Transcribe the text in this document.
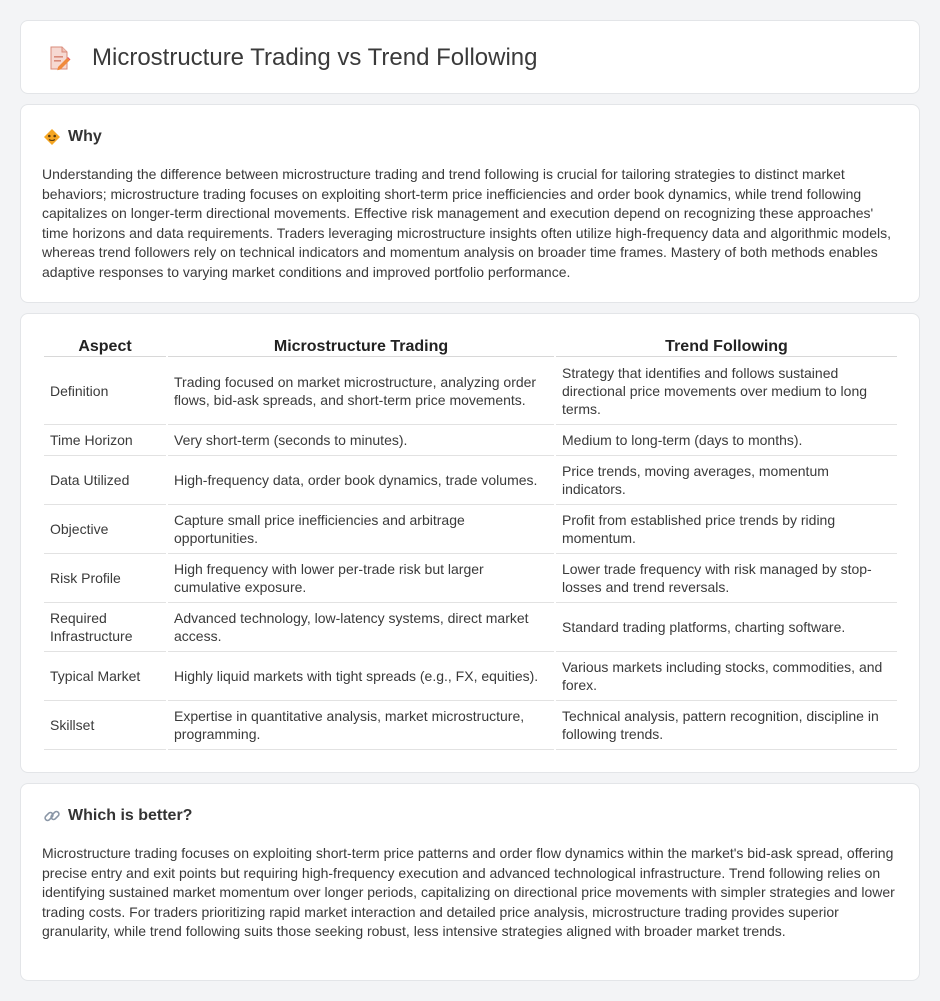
Microstructure Trading vs Trend Following
Why

Understanding the difference between microstructure trading and trend following is crucial for tailoring strategies to distinct market behaviors; microstructure trading focuses on exploiting short-term price inefficiencies and order book dynamics, while trend following capitalizes on longer-term directional movements. Effective risk management and execution depend on recognizing these approaches' time horizons and data requirements. Traders leveraging microstructure insights often utilize high-frequency data and algorithmic models, whereas trend followers rely on technical indicators and momentum analysis on broader time frames. Mastery of both methods enables adaptive responses to varying market conditions and improved portfolio performance.

Aspect	Microstructure Trading	Trend Following
Definition	Trading focused on market microstructure, analyzing order flows, bid-ask spreads, and short-term price movements.	Strategy that identifies and follows sustained directional price movements over medium to long terms.
Time Horizon	Very short-term (seconds to minutes).	Medium to long-term (days to months).
Data Utilized	High-frequency data, order book dynamics, trade volumes.	Price trends, moving averages, momentum indicators.
Objective	Capture small price inefficiencies and arbitrage opportunities.	Profit from established price trends by riding momentum.
Risk Profile	High frequency with lower per-trade risk but larger cumulative exposure.	Lower trade frequency with risk managed by stop-losses and trend reversals.
Required Infrastructure	Advanced technology, low-latency systems, direct market access.	Standard trading platforms, charting software.
Typical Market	Highly liquid markets with tight spreads (e.g., FX, equities).	Various markets including stocks, commodities, and forex.
Skillset	Expertise in quantitative analysis, market microstructure, programming.	Technical analysis, pattern recognition, discipline in following trends.
Which is better?

Microstructure trading focuses on exploiting short-term price patterns and order flow dynamics within the market's bid-ask spread, offering precise entry and exit points but requiring high-frequency execution and advanced technological infrastructure. Trend following relies on identifying sustained market momentum over longer periods, capitalizing on directional price movements with simpler strategies and lower trading costs. For traders prioritizing rapid market interaction and detailed price analysis, microstructure trading provides superior granularity, while trend following suits those seeking robust, less intensive strategies aligned with broader market trends.
